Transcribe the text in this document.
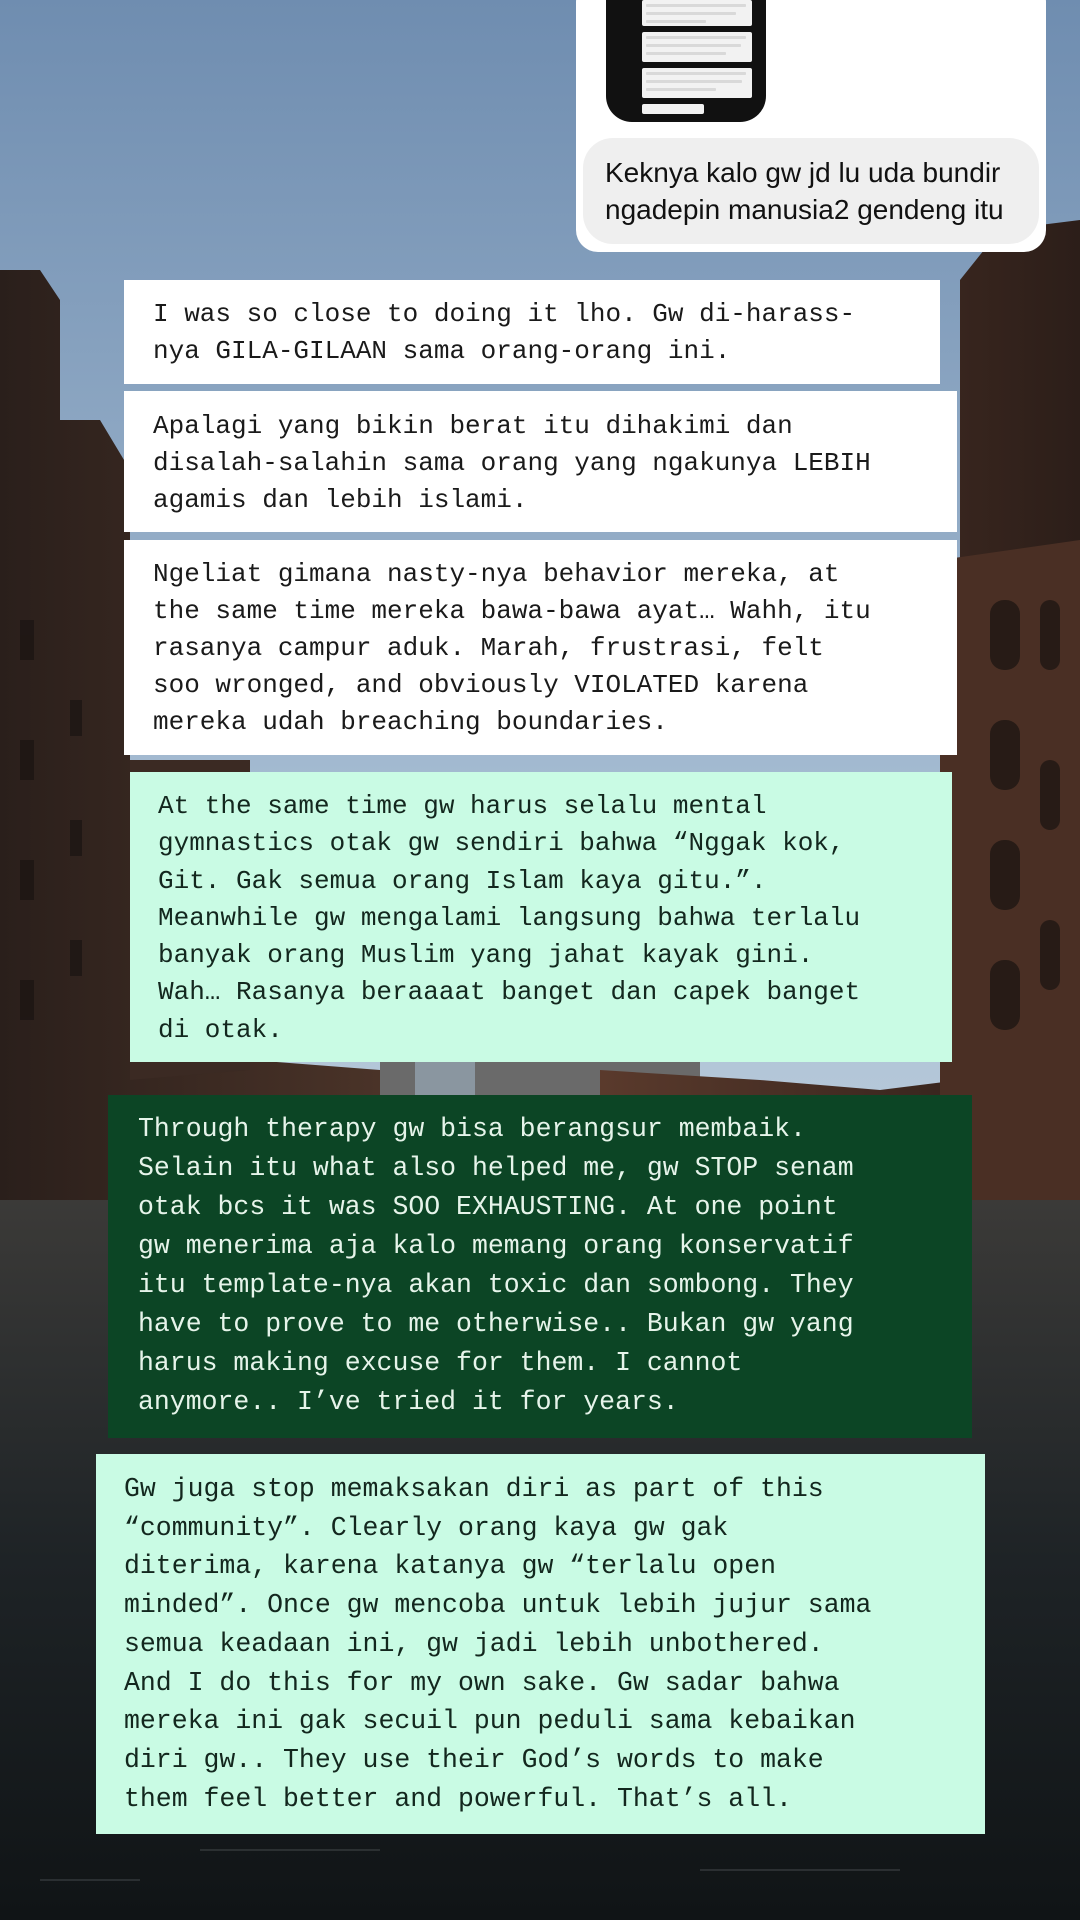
Keknya kalo gw jd lu uda bundir
ngadepin manusia2 gendeng itu
I was so close to doing it lho. Gw di-harass-
nya GILA-GILAAN sama orang-orang ini.
Apalagi yang bikin berat itu dihakimi dan
disalah-salahin sama orang yang ngakunya LEBIH
agamis dan lebih islami.
Ngeliat gimana nasty-nya behavior mereka, at
the same time mereka bawa-bawa ayat… Wahh, itu
rasanya campur aduk. Marah, frustrasi, felt
soo wronged, and obviously VIOLATED karena
mereka udah breaching boundaries.
At the same time gw harus selalu mental
gymnastics otak gw sendiri bahwa “Nggak kok,
Git. Gak semua orang Islam kaya gitu.”.
Meanwhile gw mengalami langsung bahwa terlalu
banyak orang Muslim yang jahat kayak gini.
Wah… Rasanya beraaaat banget dan capek banget
di otak.
Through therapy gw bisa berangsur membaik.
Selain itu what also helped me, gw STOP senam
otak bcs it was SOO EXHAUSTING. At one point
gw menerima aja kalo memang orang konservatif
itu template-nya akan toxic dan sombong. They
have to prove to me otherwise.. Bukan gw yang
harus making excuse for them. I cannot
anymore.. I’ve tried it for years.
Gw juga stop memaksakan diri as part of this
“community”. Clearly orang kaya gw gak
diterima, karena katanya gw “terlalu open
minded”. Once gw mencoba untuk lebih jujur sama
semua keadaan ini, gw jadi lebih unbothered.
And I do this for my own sake. Gw sadar bahwa
mereka ini gak secuil pun peduli sama kebaikan
diri gw.. They use their God’s words to make
them feel better and powerful. That’s all.
